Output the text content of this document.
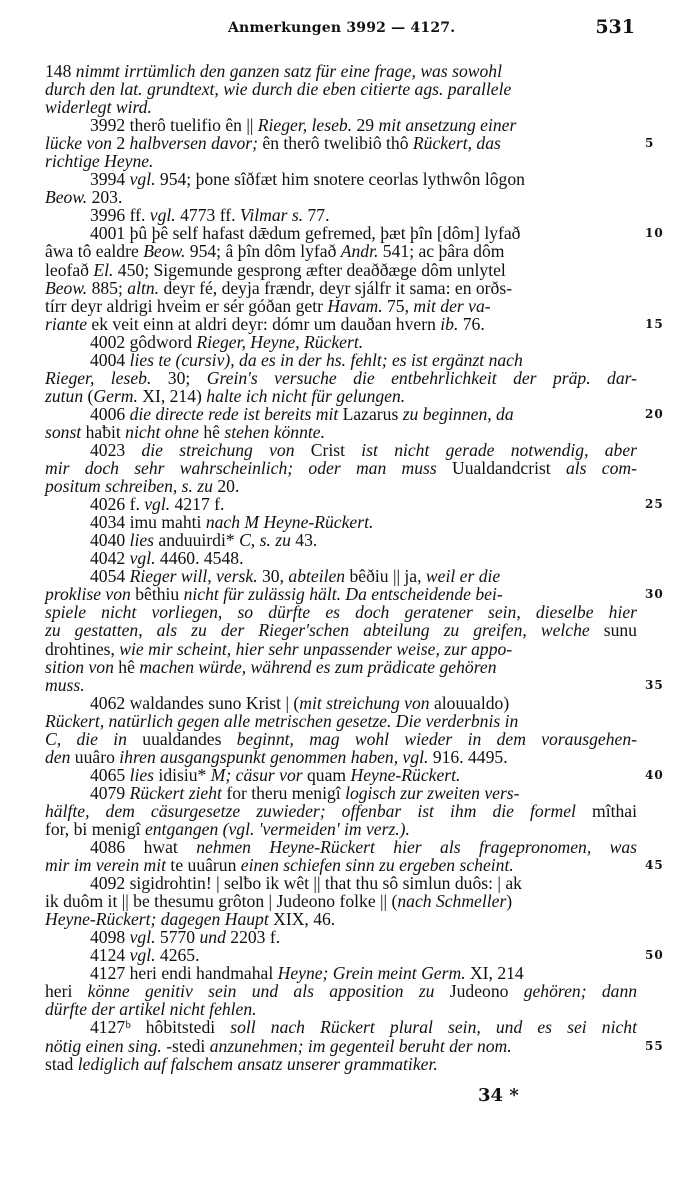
Anmerkungen 3992 — 4127.	531
148 nimmt irrtümlich den ganzen satz für eine frage, was sowohl
durch den lat. grundtext, wie durch die eben citierte ags. parallele
widerlegt wird.
3992 therô tuelifio ên || Rieger, leseb. 29 mit ansetzung einer
lücke von 2 halbversen davor; ên therô twelibiô thô Rückert, das	5
richtige Heyne.
3994 vgl. 954; þone sîðfæt him snotere ceorlas lythwôn lôgon
Beow. 203.
3996 ff. vgl. 4773 ff. Vilmar s. 77.
4001 þû þê self hafast dǣdum gefremed, þæt þîn [dôm] lyfað	10
âwa tô ealdre Beow. 954; â þîn dôm lyfað Andr. 541; ac þâra dôm
leofað El. 450; Sigemunde gesprong æfter deaððæge dôm unlytel
Beow. 885; altn. deyr fé, deyja frændr, deyr sjálfr it sama: en orðs-
tírr deyr aldrigi hveim er sér góðan getr Havam. 75, mit der va-
riante ek veit einn at aldri deyr: dómr um dauðan hvern ib. 76.	15
4002 gôdword Rieger, Heyne, Rückert.
4004 lies te (cursiv), da es in der hs. fehlt; es ist ergänzt nach
Rieger, leseb. 30; Grein's versuche die entbehrlichkeit der präp. dar-
zutun (Germ. XI, 214) halte ich nicht für gelungen.
4006 die directe rede ist bereits mit Lazarus zu beginnen, da	20
sonst haƀit nicht ohne hê stehen könnte.
4023 die streichung von Crist ist nicht gerade notwendig, aber
mir doch sehr wahrscheinlich; oder man muss Uualdandcrist als com-
positum schreiben, s. zu 20.
4026 f. vgl. 4217 f.	25
4034 imu mahti nach M Heyne-Rückert.
4040 lies anduuirdi* C, s. zu 43.
4042 vgl. 4460. 4548.
4054 Rieger will, versk. 30, abteilen bêðiu || ja, weil er die
proklise von bêthiu nicht für zulässig hält. Da entscheidende bei-	30
spiele nicht vorliegen, so dürfte es doch geratener sein, dieselbe hier
zu gestatten, als zu der Rieger'schen abteilung zu greifen, welche sunu
drohtines, wie mir scheint, hier sehr unpassender weise, zur appo-
sition von hê machen würde, während es zum prädicate gehören
muss.	35
4062 waldandes suno Krist | (mit streichung von alouualdo)
Rückert, natürlich gegen alle metrischen gesetze. Die verderbnis in
C, die in uualdandes beginnt, mag wohl wieder in dem vorausgehen-
den uuâro ihren ausgangspunkt genommen haben, vgl. 916. 4495.
4065 lies idisiu* M; cäsur vor quam Heyne-Rückert.	40
4079 Rückert zieht for theru menigî logisch zur zweiten vers-
hälfte, dem cäsurgesetze zuwieder; offenbar ist ihm die formel mîthai
for, bi menigî entgangen (vgl. 'vermeiden' im verz.).
4086 hwat nehmen Heyne-Rückert hier als fragepronomen, was
mir im verein mit te uuârun einen schiefen sinn zu ergeben scheint.	45
4092 sigidrohtin! | selƀo ik wêt || that thu sô simlun duôs: | ak
ik duôm it || be thesumu grôton | Judeono folke || (nach Schmeller)
Heyne-Rückert; dagegen Haupt XIX, 46.
4098 vgl. 5770 und 2203 f.
4124 vgl. 4265.	50
4127 heri endi handmahal Heyne; Grein meint Germ. XI, 214
heri könne genitiv sein und als apposition zu Judeono gehören; dann
dürfte der artikel nicht fehlen.
4127ᵇ hôbitstedi soll nach Rückert plural sein, und es sei nicht
nötig einen sing. -stedi anzunehmen; im gegenteil beruht der nom.	55
stad lediglich auf falschem ansatz unserer grammatiker.
34 *
